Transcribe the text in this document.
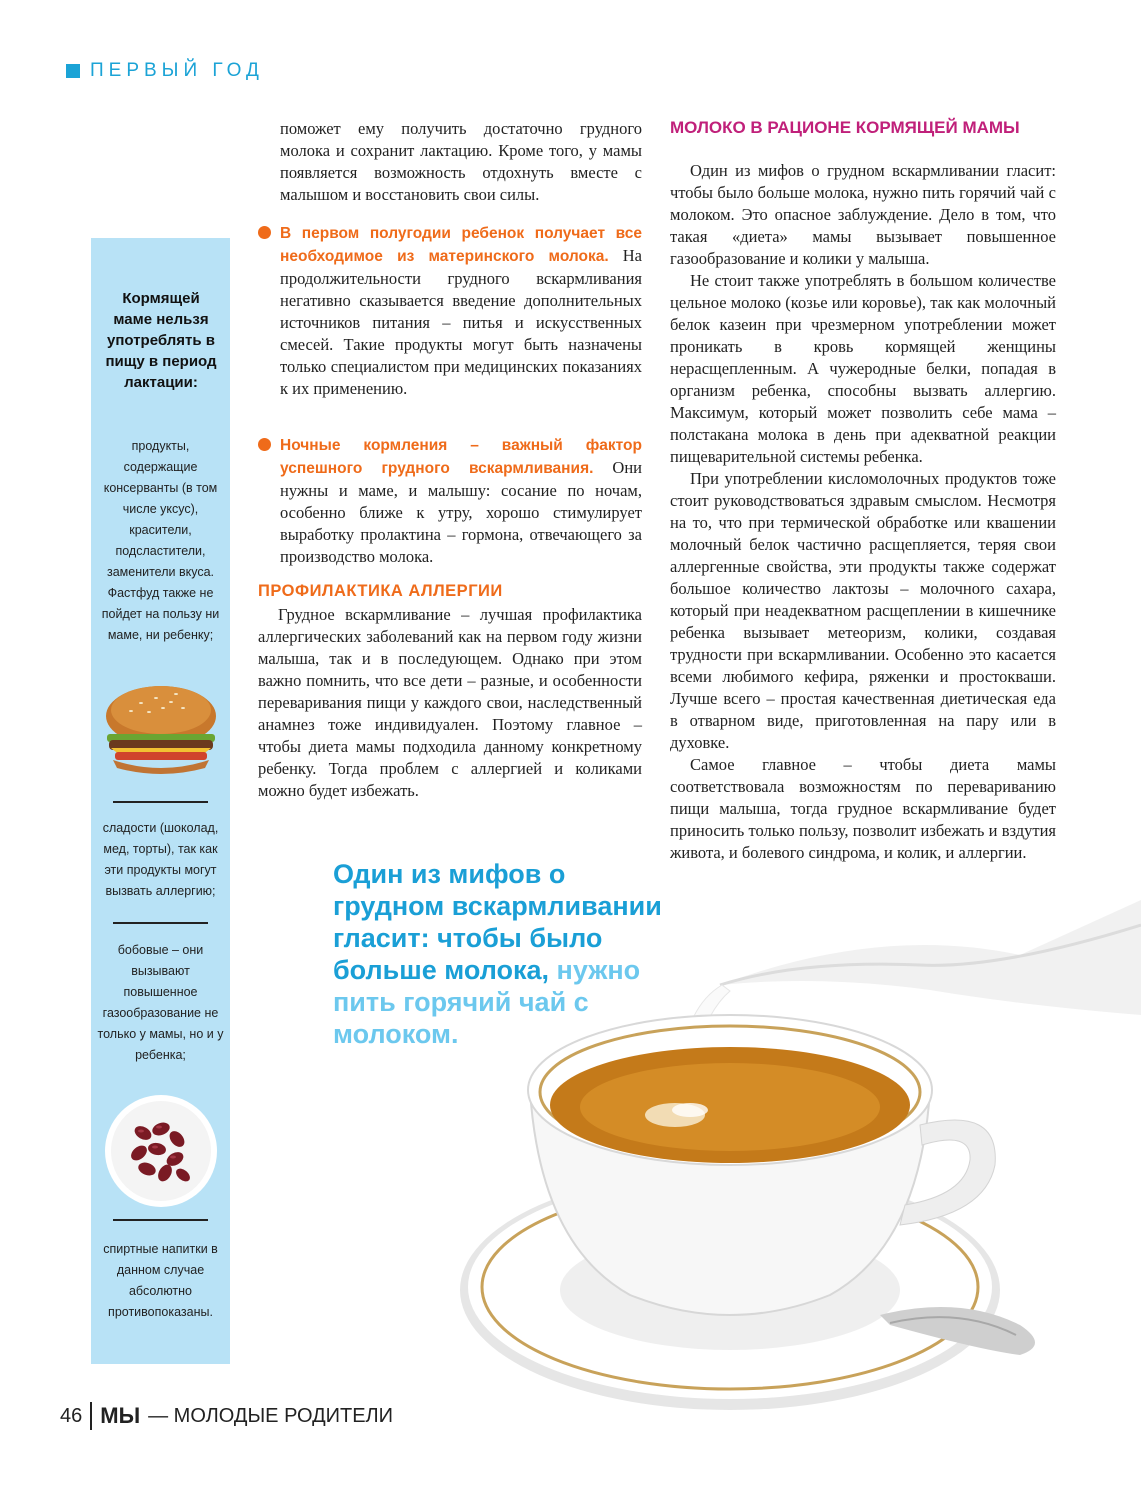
ПЕРВЫЙ ГОД
Кормящей маме нельзя употреблять в пищу в период лактации:
продукты, содержащие консерванты (в том числе уксус), красители, подсластители, заменители вкуса. Фастфуд также не пойдет на пользу ни маме, ни ребенку;
сладости (шоколад, мед, торты), так как эти продукты могут вызвать аллергию;
бобовые – они вызывают повышенное газообразование не только у мамы, но и у ребенка;
спиртные напитки в данном случае абсолютно противопоказаны.
поможет ему получить достаточно грудного молока и сохранит лактацию. Кроме того, у мамы появляется возможность отдохнуть вместе с малышом и восстановить свои силы.
В первом полугодии ребенок получает все необходимое из материнского молока. На продолжительности грудного вскармливания негативно сказывается введение дополнительных источников питания – питья и искусственных смесей. Такие продукты могут быть назначены только специалистом при медицинских показаниях к их применению.
Ночные кормления – важный фактор успешного грудного вскармливания. Они нужны и маме, и малышу: сосание по ночам, особенно ближе к утру, хорошо стимулирует выработку пролактина – гормона, отвечающего за производство молока.
ПРОФИЛАКТИКА АЛЛЕРГИИ
Грудное вскармливание – лучшая профилактика аллергических заболеваний как на первом году жизни малыша, так и в последующем. Однако при этом важно помнить, что все дети – разные, и особенности переваривания пищи у каждого свои, наследственный анамнез тоже индивидуален. Поэтому главное – чтобы диета мамы подходила данному конкретному ребенку. Тогда проблем с аллергией и коликами можно будет избежать.
МОЛОКО В РАЦИОНЕ КОРМЯЩЕЙ МАМЫ

Один из мифов о грудном вскармливании гласит: чтобы было больше молока, нужно пить горячий чай с молоком. Это опасное заблуждение. Дело в том, что такая «диета» мамы вызывает повышенное газообразование и колики у малыша.

Не стоит также употреблять в большом количестве цельное молоко (козье или коровье), так как молочный белок казеин при чрезмерном употреблении может проникать в кровь кормящей женщины нерасщепленным. А чужеродные белки, попадая в организм ребенка, способны вызвать аллергию. Максимум, который может позволить себе мама – полстакана молока в день при адекватной реакции пищеварительной системы ребенка.

При употреблении кисломолочных продуктов тоже стоит руководствоваться здравым смыслом. Несмотря на то, что при термической обработке или квашении молочный белок частично расщепляется, теряя свои аллергенные свойства, эти продукты также содержат большое количество лактозы – молочного сахара, который при неадекватном расщеплении в кишечнике ребенка вызывает метеоризм, колики, создавая трудности при вскармливании. Особенно это касается всеми любимого кефира, ряженки и простокваши. Лучше всего – простая качественная диетическая еда в отварном виде, приготовленная на пару или в духовке.

Самое главное – чтобы диета мамы соответствовала возможностям по перевариванию пищи малыша, тогда грудное вскармливание будет приносить только пользу, позволит избежать и вздутия живота, и болевого синдрома, и колик, и аллергии.

Один из мифов о грудном вскармливании гласит: чтобы было больше молока, нужно пить горячий чай с молоком.
46 МЫ — МОЛОДЫЕ РОДИТЕЛИ
